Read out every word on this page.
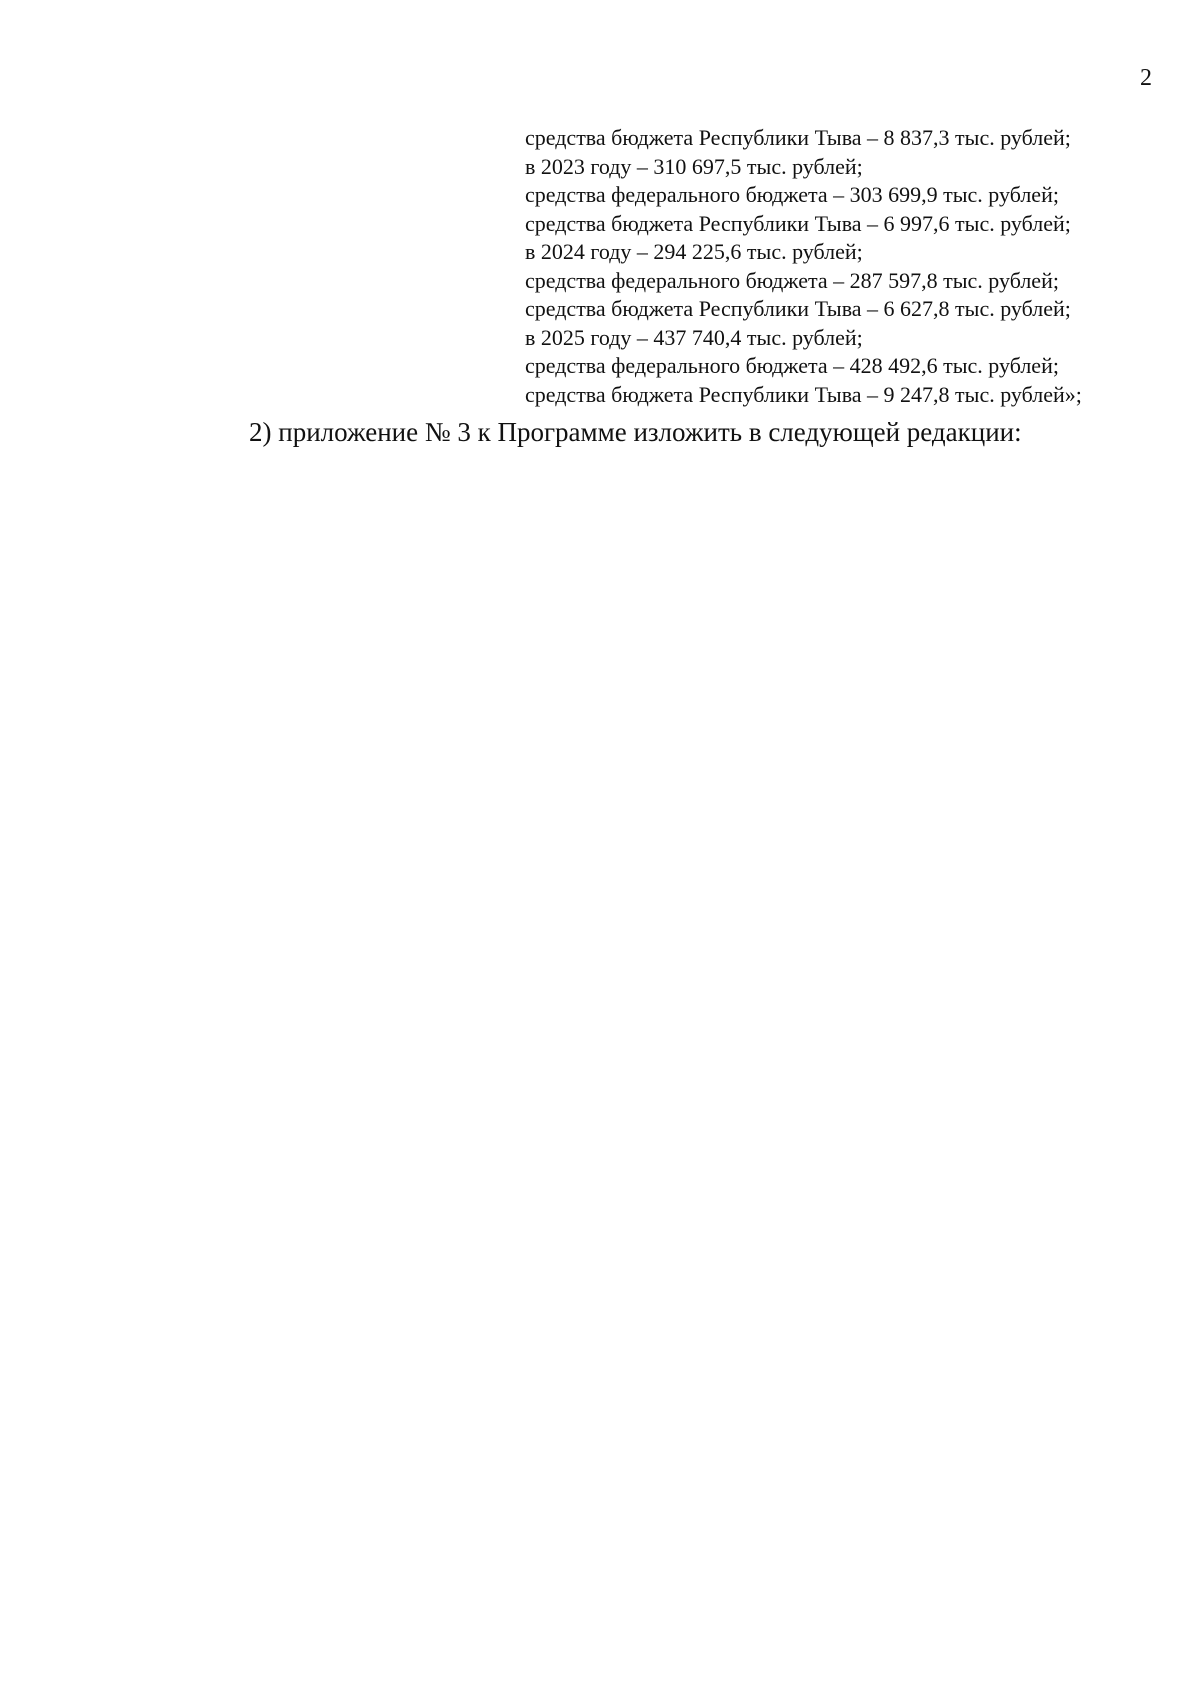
2
средства бюджета Республики Тыва – 8 837,3 тыс. рублей;
в 2023 году – 310 697,5 тыс. рублей;
средства федерального бюджета – 303 699,9 тыс. рублей;
средства бюджета Республики Тыва – 6 997,6 тыс. рублей;
в 2024 году – 294 225,6 тыс. рублей;
средства федерального бюджета – 287 597,8 тыс. рублей;
средства бюджета Республики Тыва – 6 627,8 тыс. рублей;
в 2025 году – 437 740,4 тыс. рублей;
средства федерального бюджета – 428 492,6 тыс. рублей;
средства бюджета Республики Тыва – 9 247,8 тыс. рублей»;
2) приложение № 3 к Программе изложить в следующей редакции:
